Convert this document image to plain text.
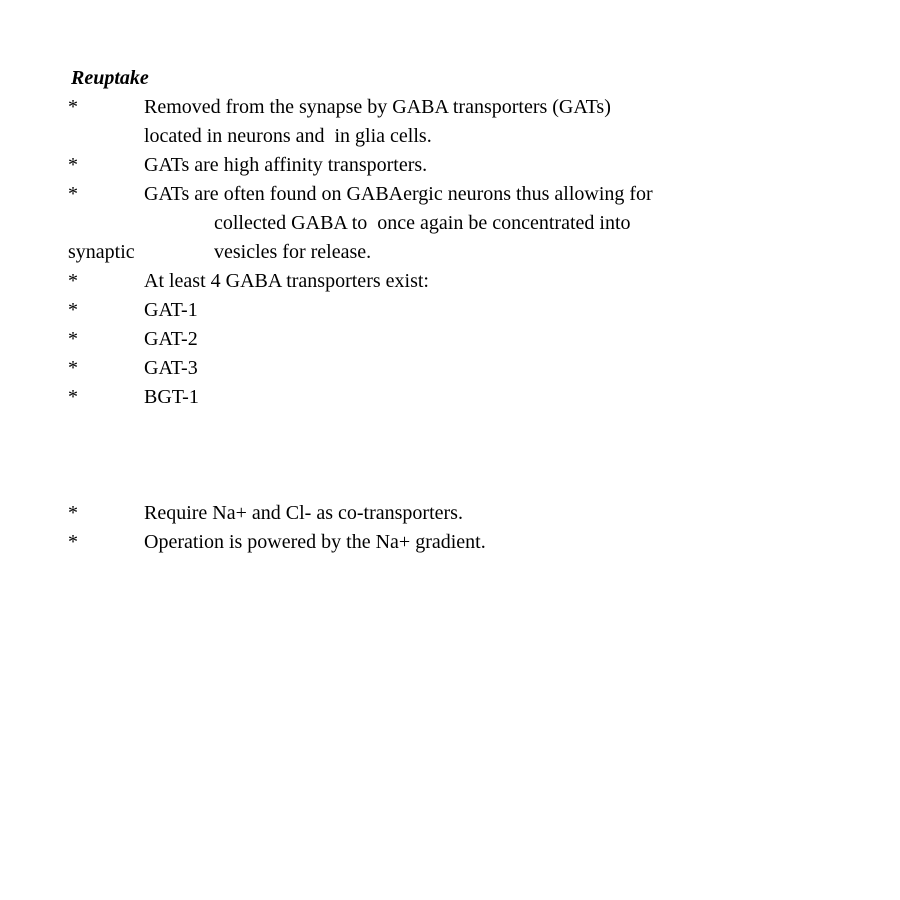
Reuptake
*	Removed from the synapse by GABA transporters (GATs)
located in neurons and  in glia cells.
*	GATs are high affinity transporters.
*	GATs are often found on GABAergic neurons thus allowing for
collected GABA to  once again be concentrated into
synaptic	vesicles for release.
*	At least 4 GABA transporters exist:
*	GAT-1
*	GAT-2
*	GAT-3
*	BGT-1
*	Require Na+ and Cl- as co-transporters.
*	Operation is powered by the Na+ gradient.
